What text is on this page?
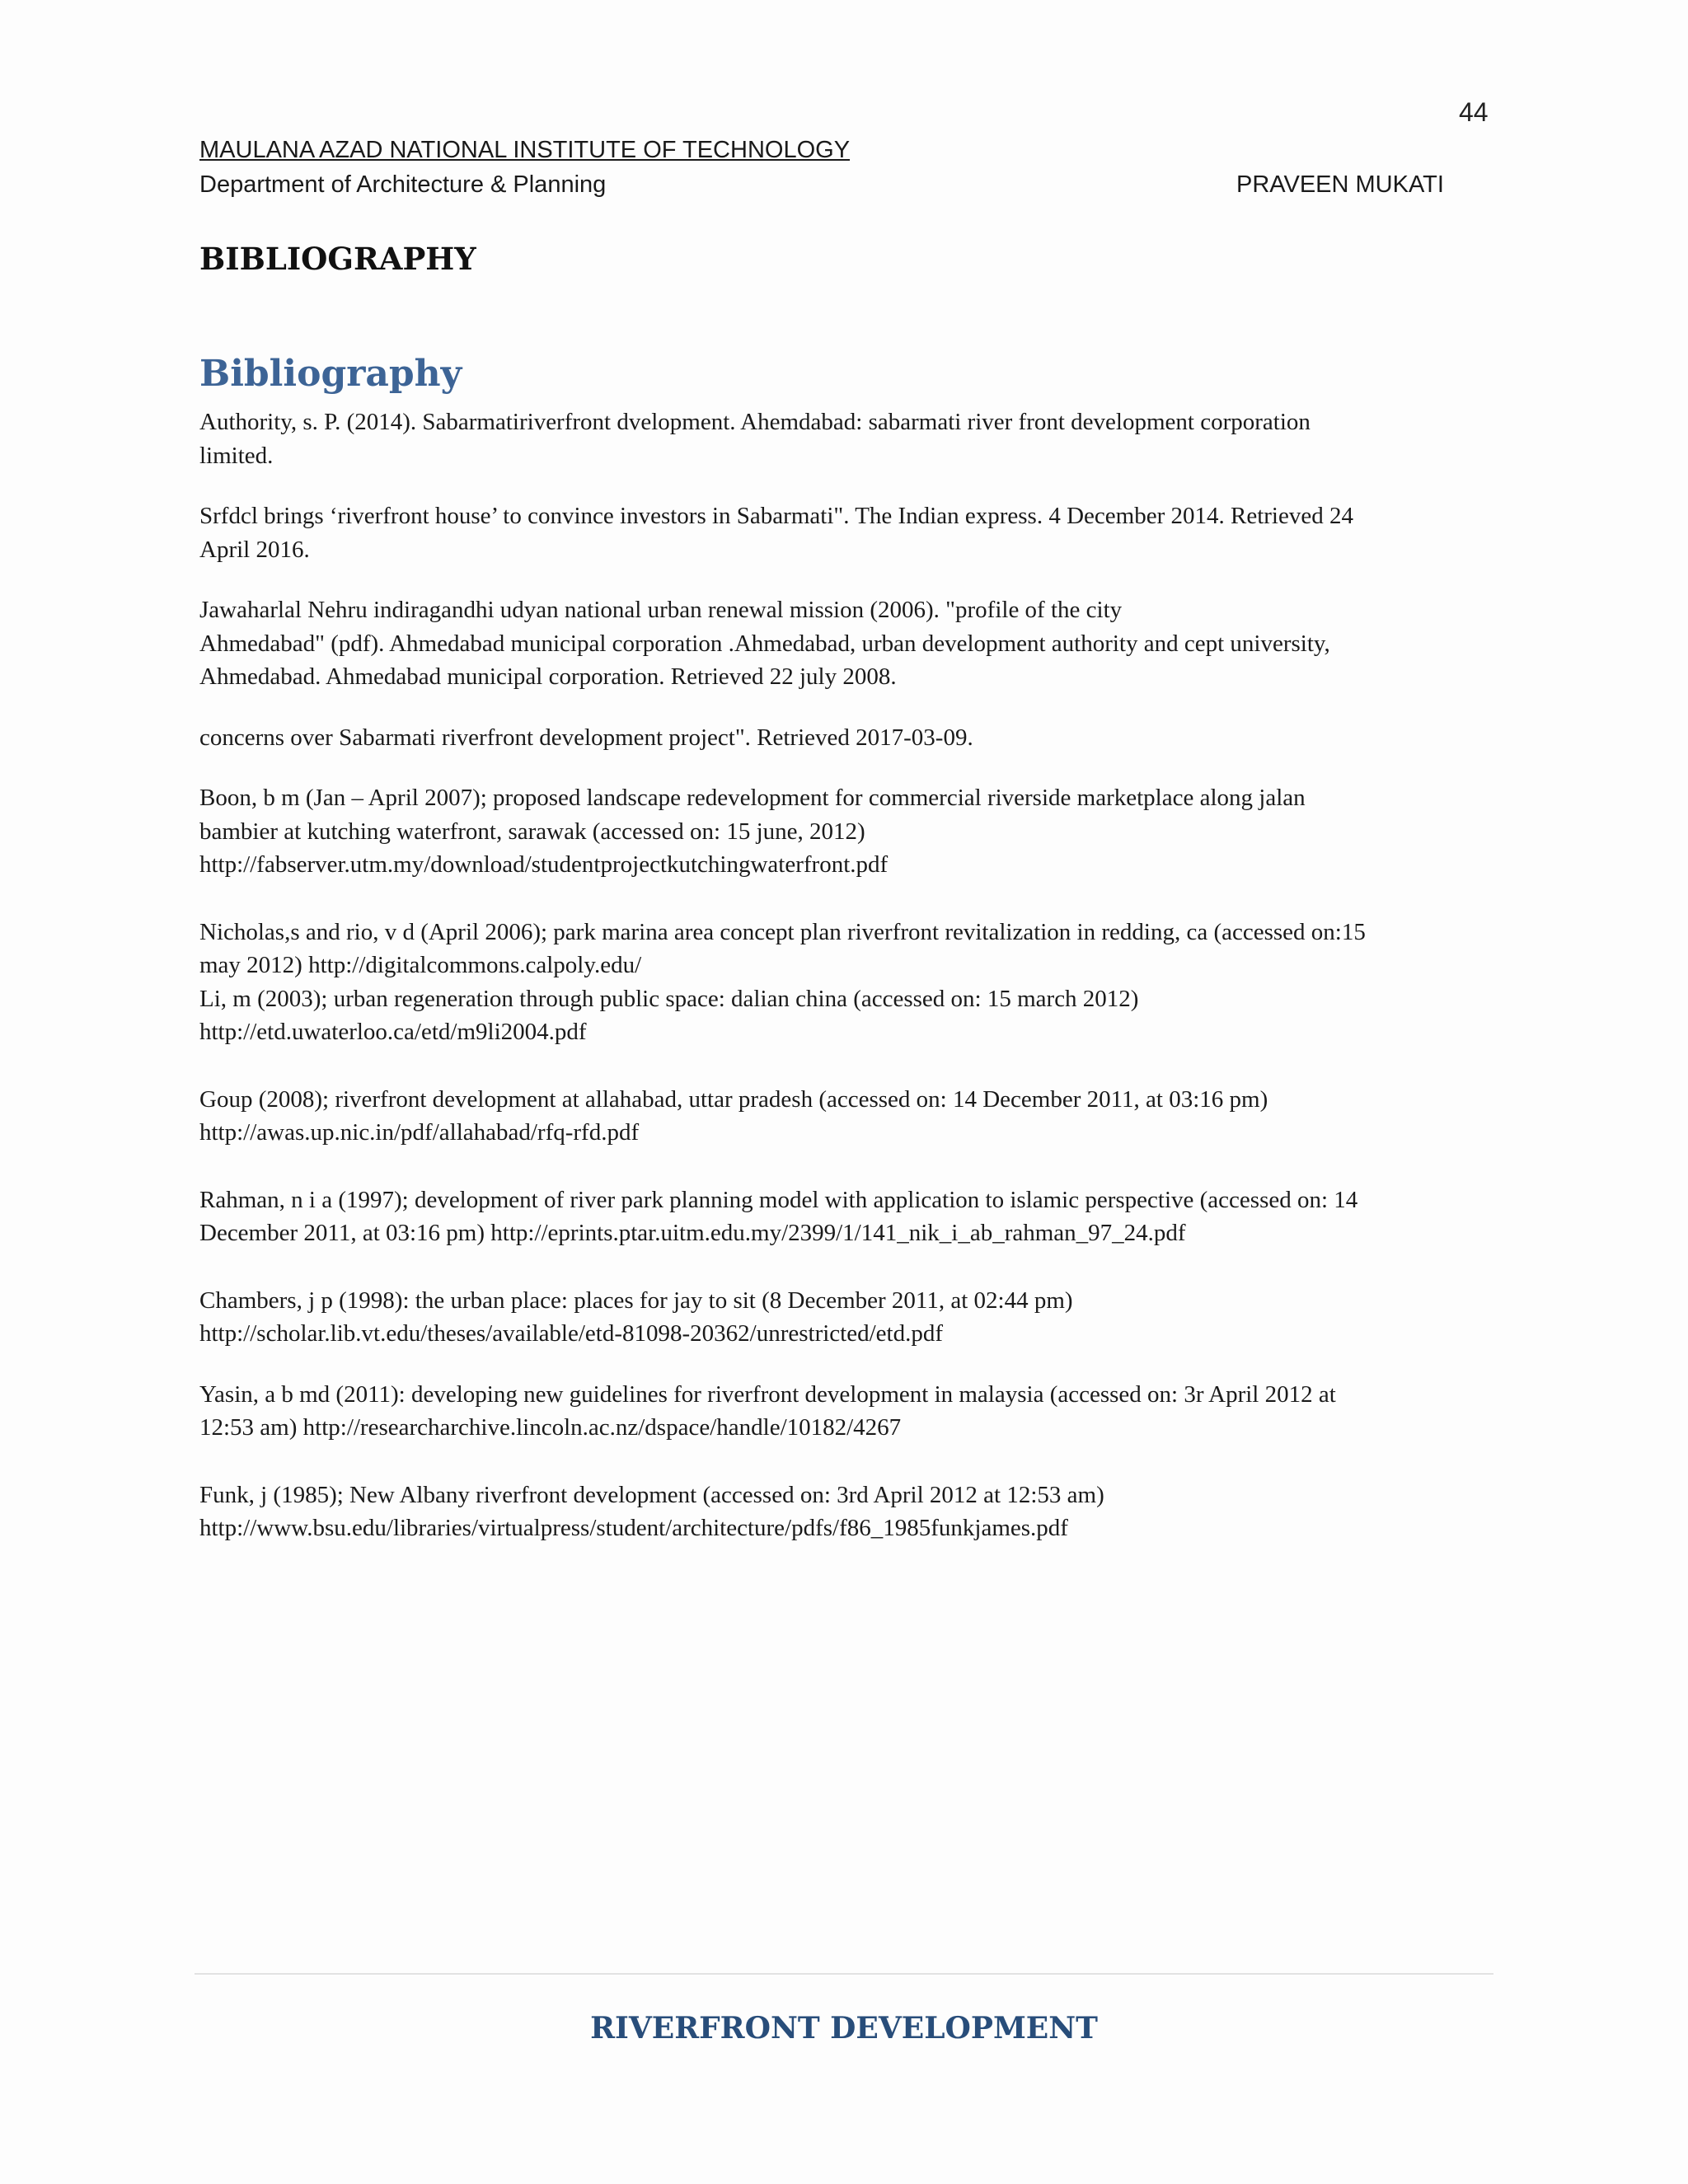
44
MAULANA AZAD NATIONAL INSTITUTE OF TECHNOLOGY
Department of Architecture & Planning	PRAVEEN MUKATI
BIBLIOGRAPHY
Bibliography

Authority, s. P. (2014). Sabarmatiriverfront dvelopment. Ahemdabad: sabarmati river front development corporation
limited.

Srfdcl brings ‘riverfront house’ to convince investors in Sabarmati". The Indian express. 4 December 2014. Retrieved 24
April 2016.

Jawaharlal Nehru indiragandhi udyan national urban renewal mission (2006). "profile of the city
Ahmedabad" (pdf). Ahmedabad municipal corporation .Ahmedabad, urban development authority and cept university,
Ahmedabad. Ahmedabad municipal corporation. Retrieved 22 july 2008.

concerns over Sabarmati riverfront development project". Retrieved 2017-03-09.

Boon, b m (Jan – April 2007); proposed landscape redevelopment for commercial riverside marketplace along jalan
bambier at kutching waterfront, sarawak (accessed on: 15 june, 2012)
http://fabserver.utm.my/download/studentprojectkutchingwaterfront.pdf

Nicholas,s and rio, v d (April 2006); park marina area concept plan riverfront revitalization in redding, ca (accessed on:15
may 2012) http://digitalcommons.calpoly.edu/

Li, m (2003); urban regeneration through public space: dalian china (accessed on: 15 march 2012)
http://etd.uwaterloo.ca/etd/m9li2004.pdf

Goup (2008); riverfront development at allahabad, uttar pradesh (accessed on: 14 December 2011, at 03:16 pm)
http://awas.up.nic.in/pdf/allahabad/rfq-rfd.pdf

Rahman, n i a (1997); development of river park planning model with application to islamic perspective (accessed on: 14
December 2011, at 03:16 pm) http://eprints.ptar.uitm.edu.my/2399/1/141_nik_i_ab_rahman_97_24.pdf

Chambers, j p (1998): the urban place: places for jay to sit (8 December 2011, at 02:44 pm)
http://scholar.lib.vt.edu/theses/available/etd-81098-20362/unrestricted/etd.pdf

Yasin, a b md (2011): developing new guidelines for riverfront development in malaysia (accessed on: 3r April 2012 at
12:53 am) http://researcharchive.lincoln.ac.nz/dspace/handle/10182/4267

Funk, j (1985); New Albany riverfront development (accessed on: 3rd April 2012 at 12:53 am)
http://www.bsu.edu/libraries/virtualpress/student/architecture/pdfs/f86_1985funkjames.pdf

RIVERFRONT DEVELOPMENT
